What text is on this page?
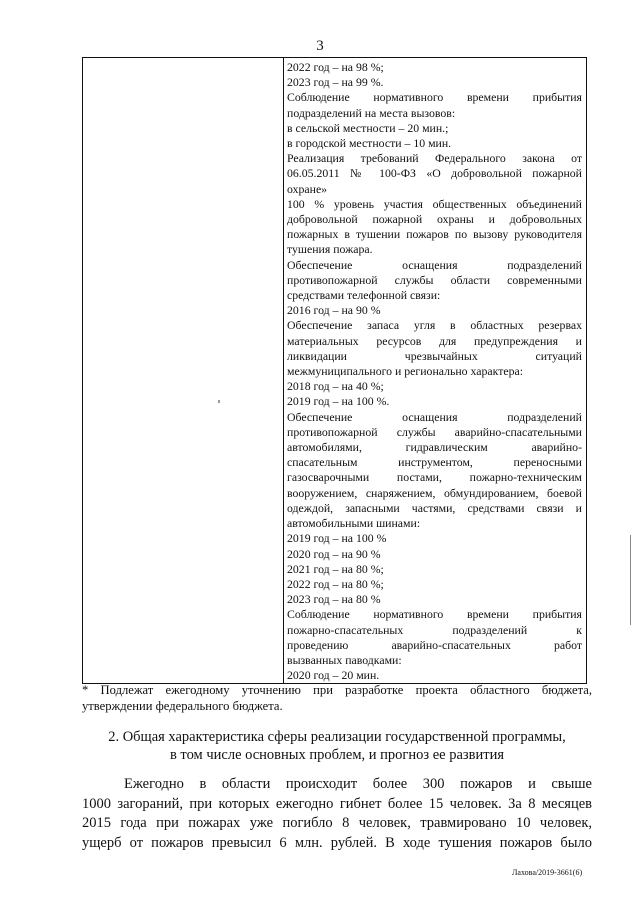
3

2022 год – на 98 %;

2023 год – на 99 %.

Соблюдение нормативного времени прибытия

подразделений на места вызовов:

в сельской местности – 20 мин.;

в городской местности – 10 мин.

Реализация требований Федерального закона от

06.05.2011 № 100-ФЗ «О добровольной пожарной

охране»

100 % уровень участия общественных объединений

добровольной пожарной охраны и добровольных

пожарных в тушении пожаров по вызову руководителя

тушения пожара.

Обеспечение оснащения подразделений

противопожарной службы области современными

средствами телефонной связи:

2016 год – на 90 %

Обеспечение запаса угля в областных резервах

материальных ресурсов для предупреждения и

ликвидации чрезвычайных ситуаций

межмуниципального и регионально характера:

2018 год – на 40 %;

2019 год – на 100 %.

Обеспечение оснащения подразделений

противопожарной службы аварийно-спасательными

автомобилями, гидравлическим аварийно-

спасательным инструментом, переносными

газосварочными постами, пожарно-техническим

вооружением, снаряжением, обмундированием, боевой

одеждой, запасными частями, средствами связи и

автомобильными шинами:

2019 год – на 100 %

2020 год – на 90 %

2021 год – на 80 %;

2022 год – на 80 %;

2023 год – на 80 %

Соблюдение нормативного времени прибытия

пожарно-спасательных подразделений к

проведению аварийно-спасательных работ

вызванных паводками:

2020 год – 20 мин.

* Подлежат ежегодному уточнению при разработке проекта областного бюджета,

утверждении федерального бюджета.

2. Общая характеристика сферы реализации государственной программы,

в том числе основных проблем, и прогноз ее развития

Ежегодно в области происходит более 300 пожаров и свыше

1000 загораний, при которых ежегодно гибнет более 15 человек. За 8 месяцев

2015 года при пожарах уже погибло 8 человек, травмировано 10 человек,

ущерб от пожаров превысил 6 млн. рублей. В ходе тушения пожаров было

Лахова/2019-3661(6)
